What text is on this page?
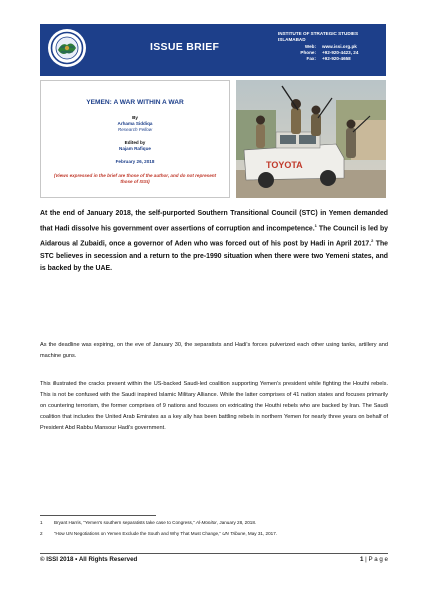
ISSUE BRIEF
INSTITUTE OF STRATEGIC STUDIES ISLAMABAD
Web:	www.issi.org.pk
Phone:	+92-920-4423, 24
Fax:	+92-920-4658
YEMEN: A WAR WITHIN A WAR
By
Arhama Siddiqa
Research Fellow
Edited by
Najam Rafique
February 26, 2018
(Views expressed in the brief are those of the author, and do not represent those of ISSI)
TOYOTA
At the end of January 2018, the self-purported Southern Transitional Council (STC) in Yemen demanded that Hadi dissolve his government over assertions of corruption and incompetence.$^1$ The Council is led by Aidarous al Zubaidi, once a governor of Aden who was forced out of his post by Hadi in April 2017.$^2$ The STC believes in secession and a return to the pre-1990 situation when there were two Yemeni states, and is backed by the UAE.
As the deadline was expiring, on the eve of January 30, the separatists and Hadi's forces pulverized each other using tanks, artillery and machine guns.
This illustrated the cracks present within the US-backed Saudi-led coalition supporting Yemen's president while fighting the Houthi rebels. This is not be confused with the Saudi inspired Islamic Military Alliance. While the latter comprises of 41 nation states and focuses primarily on countering terrorism, the former comprises of 9 nations and focuses on extricating the Houthi rebels who are backed by Iran. The Saudi coalition that includes the United Arab Emirates as a key ally has been battling rebels in northern Yemen for nearly three years on behalf of President Abd Rabbu Mansour Hadi's government.
1	Bryant Harris, “Yemen's southern separatists take case to Congress,” Al-Monitor, January 28, 2018.
2	“How UN Negotiations on Yemen Exclude the South and Why That Must Change,” UN Tribune, May 31, 2017.
© ISSI 2018 • All Rights Reserved	1 | P a g e
